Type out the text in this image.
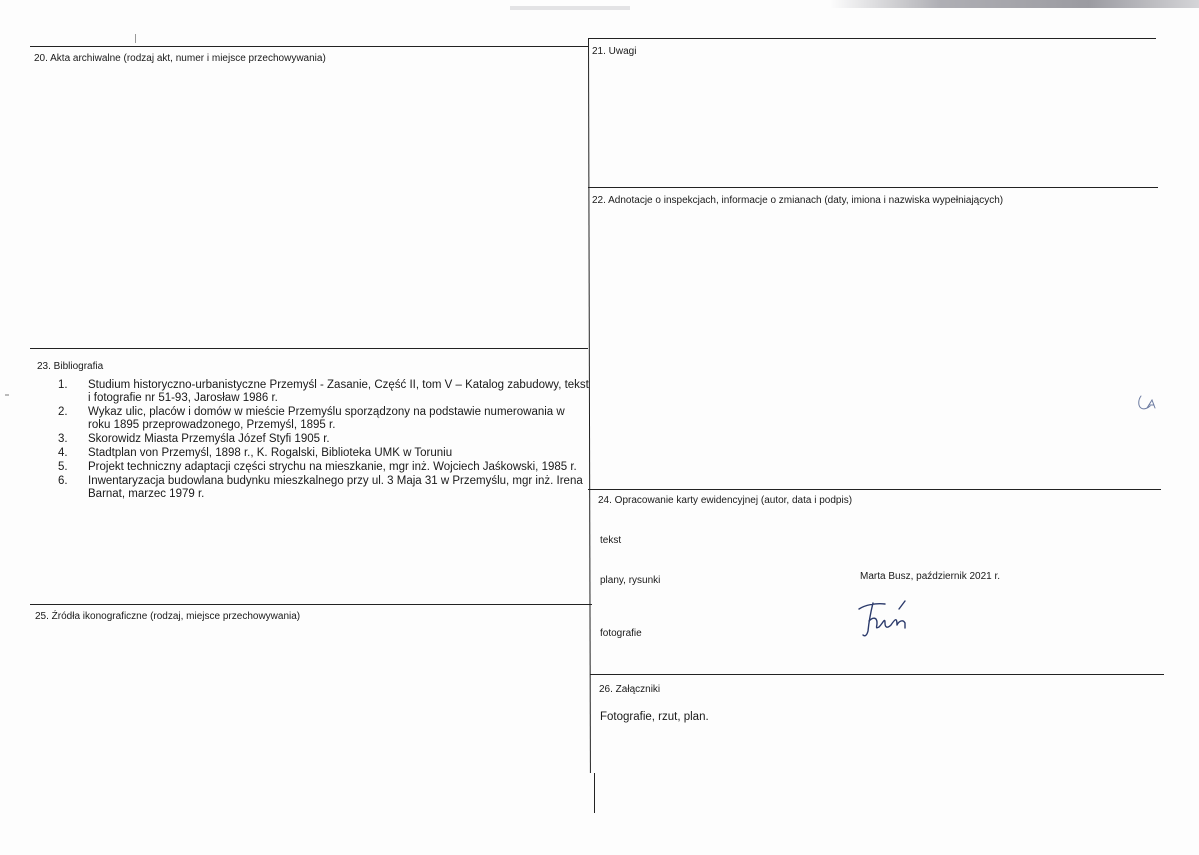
20. Akta archiwalne (rodzaj akt, numer i miejsce przechowywania)
21. Uwagi
22. Adnotacje o inspekcjach, informacje o zmianach (daty, imiona i nazwiska wypełniających)
23. Bibliografia
24. Opracowanie karty ewidencyjnej (autor, data i podpis)
25. Źródła ikonograficzne (rodzaj, miejsce przechowywania)
26. Załączniki
1.	Studium historyczno-urbanistyczne Przemyśl - Zasanie, Część II, tom V – Katalog zabudowy, tekst i fotografie nr 51-93, Jarosław 1986 r.
2.	Wykaz ulic, placów i domów w mieście Przemyślu sporządzony na podstawie numerowania w roku 1895 przeprowadzonego, Przemyśl, 1895 r.
3.	Skorowidz Miasta Przemyśla Józef Styfi 1905 r.
4.	Stadtplan von Przemyśl, 1898 r., K. Rogalski, Biblioteka UMK w Toruniu
5.	Projekt techniczny adaptacji części strychu na mieszkanie, mgr inż. Wojciech Jaśkowski, 1985 r.
6.	Inwentaryzacja budowlana budynku mieszkalnego przy ul. 3 Maja 31 w Przemyślu, mgr inż. Irena Barnat, marzec 1979 r.
tekst
plany, rysunki
fotografie
Marta Busz, październik 2021 r.
Fotografie, rzut, plan.
